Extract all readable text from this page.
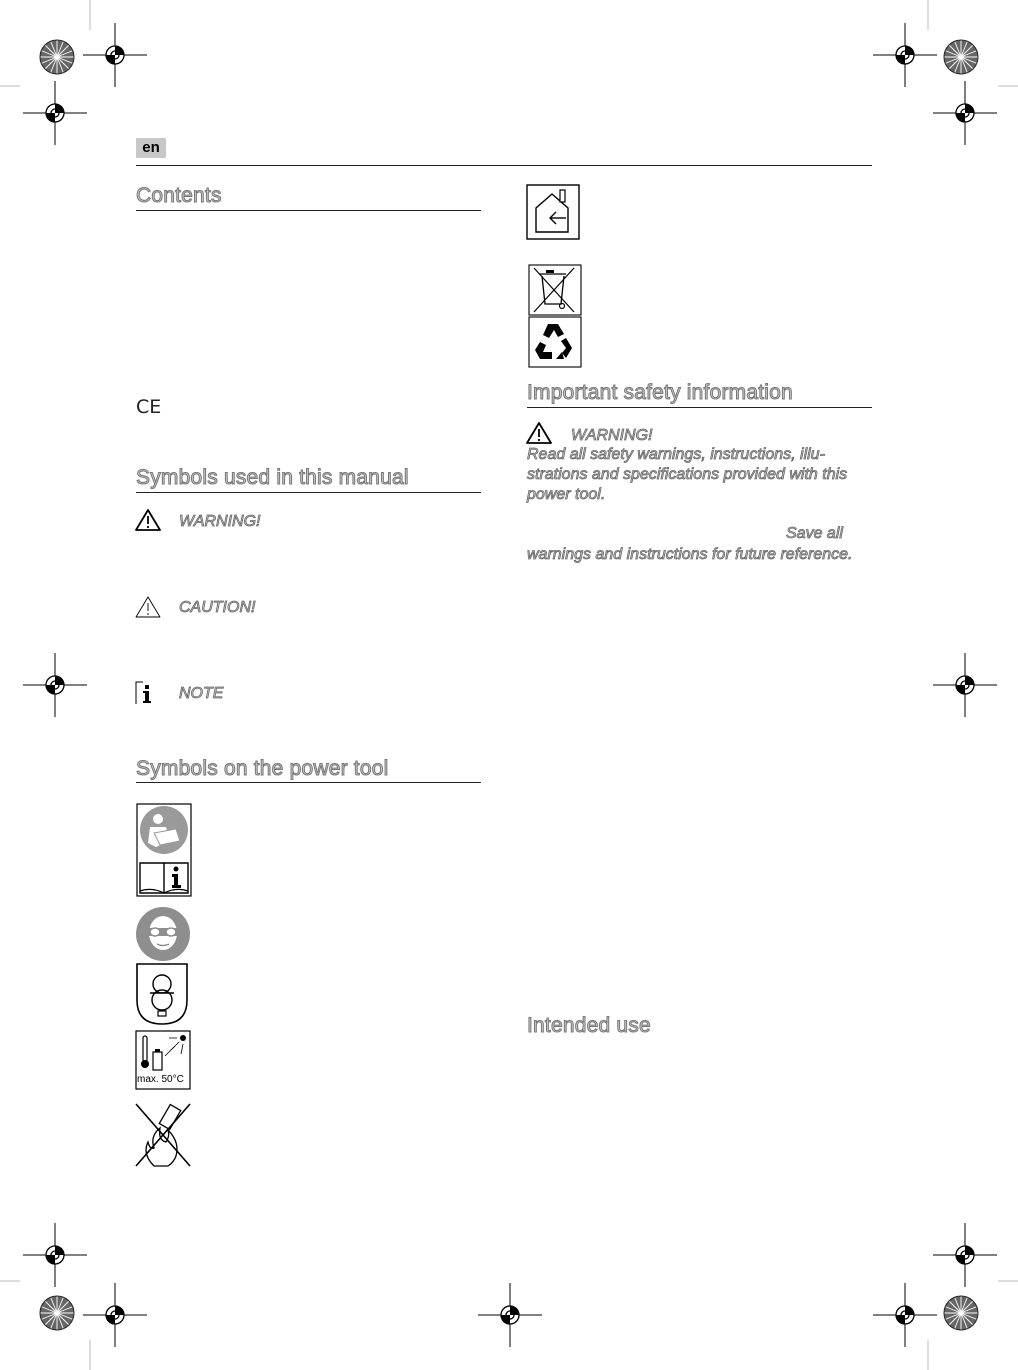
en
Contents
CE
Symbols used in this manual
WARNING!
CAUTION!
NOTE
Symbols on the power tool
max. 50°C
Important safety information
WARNING!
Read all safety warnings, instructions, illu- strations and specifications provided with this power tool.
Save all
warnings and instructions for future reference.
Intended use
